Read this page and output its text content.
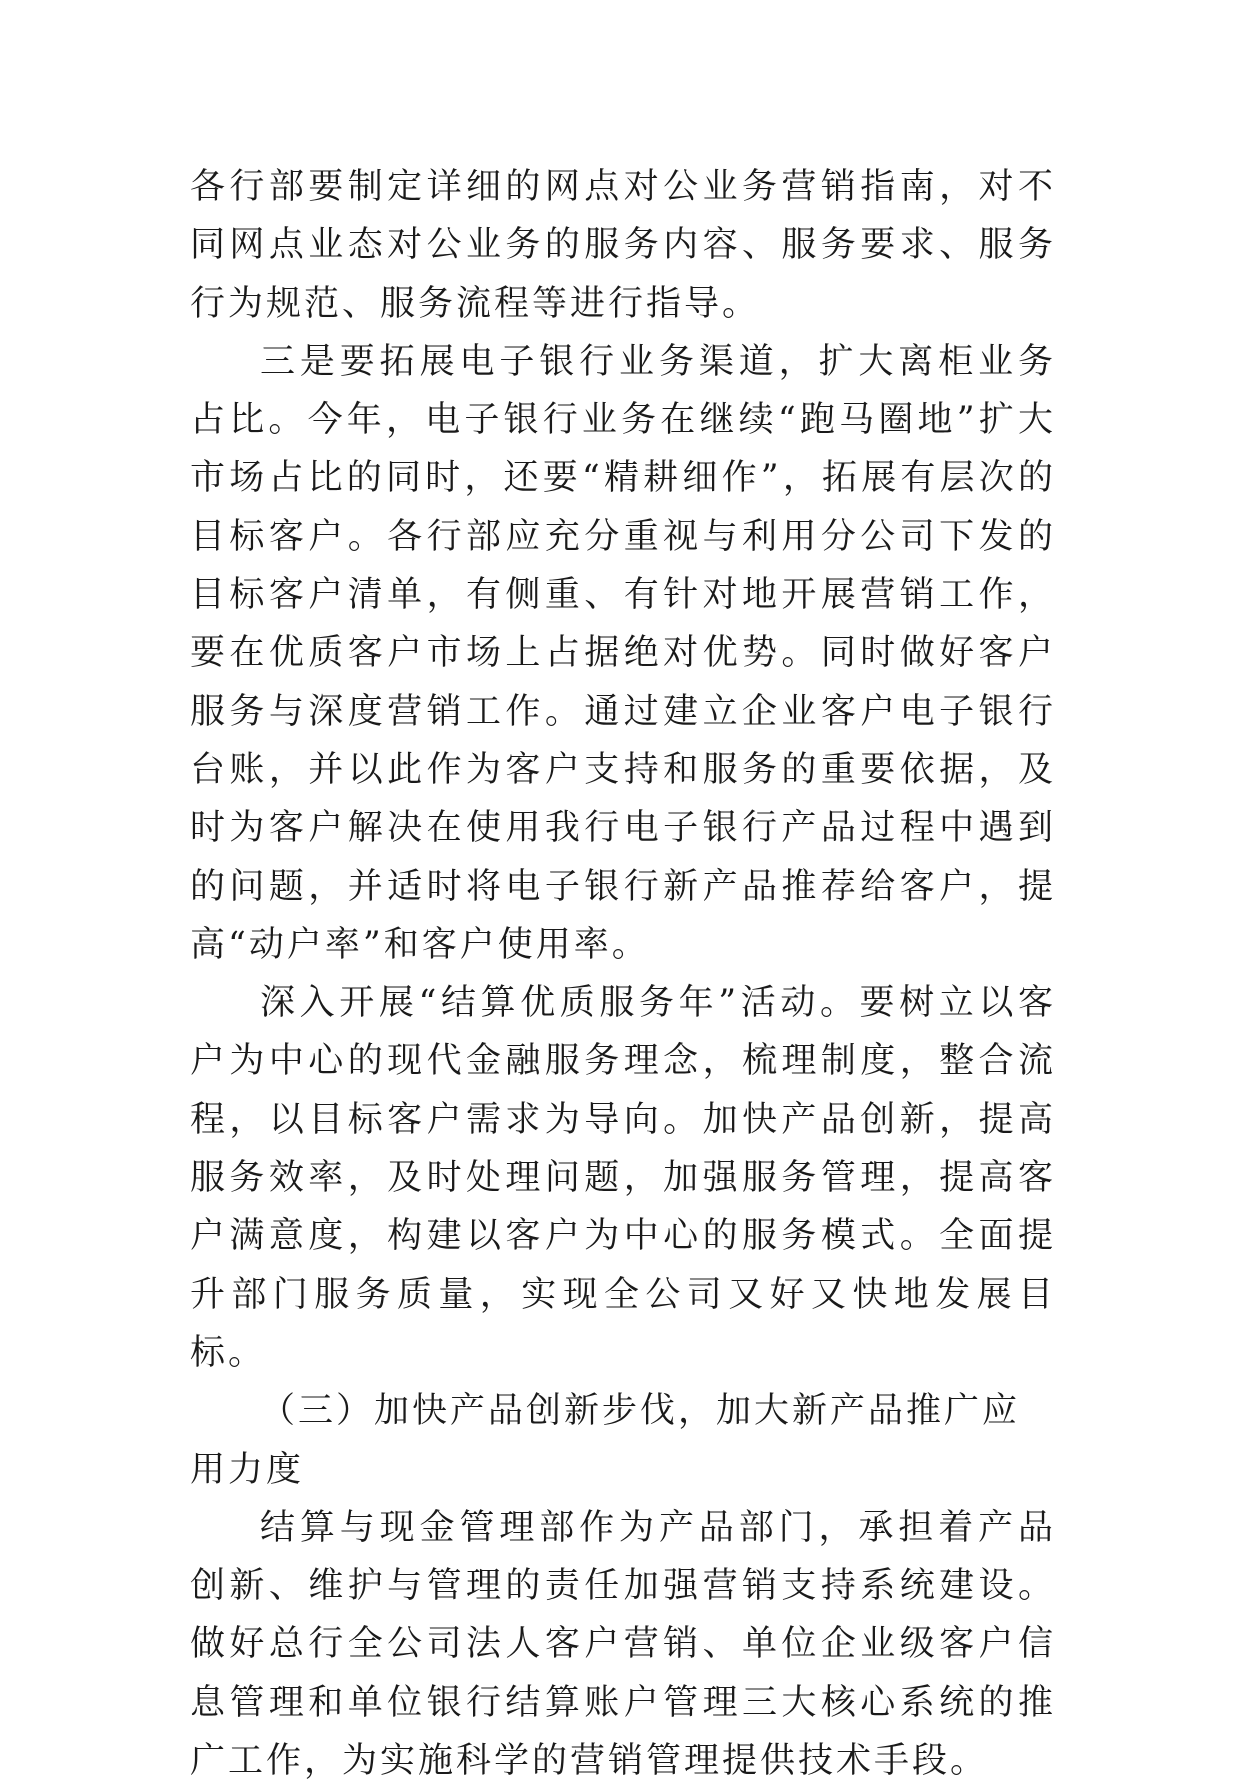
各行部要制定详细的网点对公业务营销指南，对不同网点业态对公业务的服务内容、服务要求、服务行为规范、服务流程等进行指导。

三是要拓展电子银行业务渠道，扩大离柜业务占比。今年，电子银行业务在继续“跑马圈地”扩大市场占比的同时，还要“精耕细作”，拓展有层次的目标客户。各行部应充分重视与利用分公司下发的目标客户清单，有侧重、有针对地开展营销工作，要在优质客户市场上占据绝对优势。同时做好客户服务与深度营销工作。通过建立企业客户电子银行台账，并以此作为客户支持和服务的重要依据，及时为客户解决在使用我行电子银行产品过程中遇到的问题，并适时将电子银行新产品推荐给客户，提高“动户率”和客户使用率。

深入开展“结算优质服务年”活动。要树立以客户为中心的现代金融服务理念，梳理制度，整合流程，以目标客户需求为导向。加快产品创新，提高服务效率，及时处理问题，加强服务管理，提高客户满意度，构建以客户为中心的服务模式。全面提升部门服务质量，实现全公司又好又快地发展目标。

（三）加快产品创新步伐，加大新产品推广应用力度

结算与现金管理部作为产品部门，承担着产品创新、维护与管理的责任加强营销支持系统建设。做好总行全公司法人客户营销、单位企业级客户信息管理和单位银行结算账户管理三大核心系统的推广工作，为实施科学的营销管理提供技术手段。
